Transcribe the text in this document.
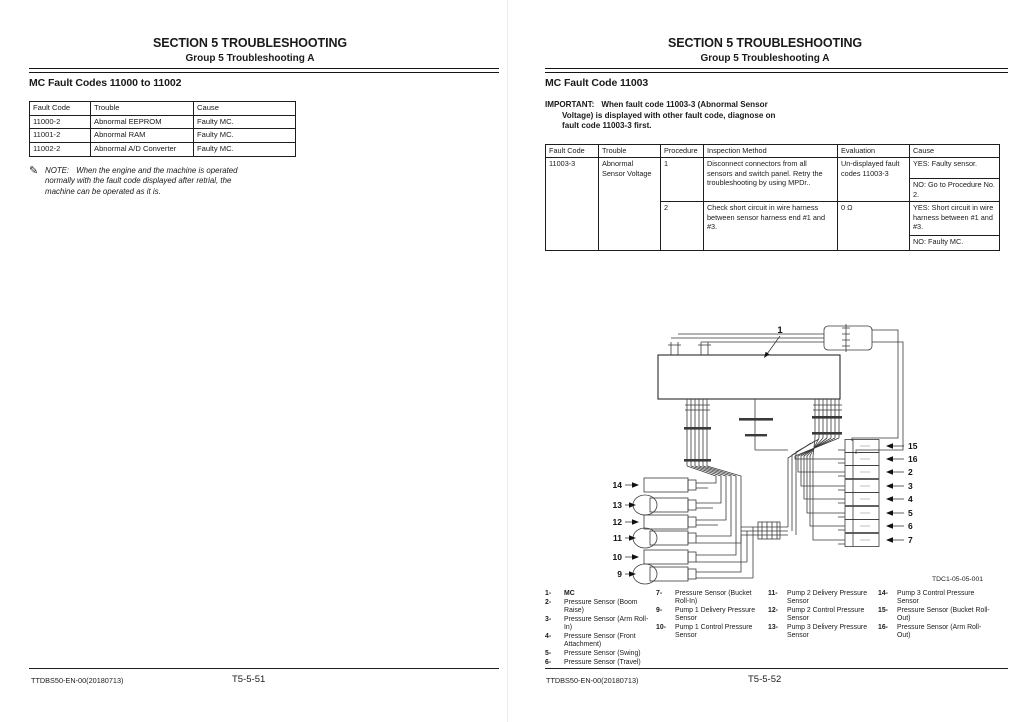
SECTION 5 TROUBLESHOOTING
Group 5 Troubleshooting A
MC Fault Codes 11000 to 11002
Fault Code	Trouble	Cause
11000-2	Abnormal EEPROM	Faulty MC.
11001-2	Abnormal RAM	Faulty MC.
11002-2	Abnormal A/D Converter	Faulty MC.
✎ NOTE: When the engine and the machine is operated normally with the fault code displayed after retrial, the machine can be operated as it is.
TTDBS50-EN-00(20180713)	T5-5-51
SECTION 5 TROUBLESHOOTING
Group 5 Troubleshooting A
MC Fault Code 11003
IMPORTANT: When fault code 11003-3 (Abnormal Sensor Voltage) is displayed with other fault code, diagnose on fault code 11003-3 first.
Fault Code	Trouble	Procedure	Inspection Method	Evaluation	Cause
11003-3	Abnormal Sensor Voltage	1	Disconnect connectors from all sensors and switch panel. Retry the troubleshooting by using MPDr..	Un-displayed fault codes 11003-3	YES: Faulty sensor.
					NO: Go to Procedure No. 2.
		2	Check short circuit in wire harness between sensor harness end #1 and #3.	0 Ω	YES: Short circuit in wire harness between #1 and #3.
					NO: Faulty MC.
15
16
2
3
4
5
6
7
14
13
12
11
10
9
1
TDC1-05-05-001
1- MC
2- Pressure Sensor (Boom Raise)
3- Pressure Sensor (Arm Roll-In)
4- Pressure Sensor (Front Attachment)
5- Pressure Sensor (Swing)
6- Pressure Sensor (Travel)
7- Pressure Sensor (Bucket Roll-In)
9- Pump 1 Delivery Pressure Sensor
10- Pump 1 Control Pressure Sensor
11- Pump 2 Delivery Pressure Sensor
12- Pump 2 Control Pressure Sensor
13- Pump 3 Delivery Pressure Sensor
14- Pump 3 Control Pressure Sensor
15- Pressure Sensor (Bucket Roll-Out)
16- Pressure Sensor (Arm Roll-Out)
TTDBS50-EN-00(20180713)	T5-5-52
